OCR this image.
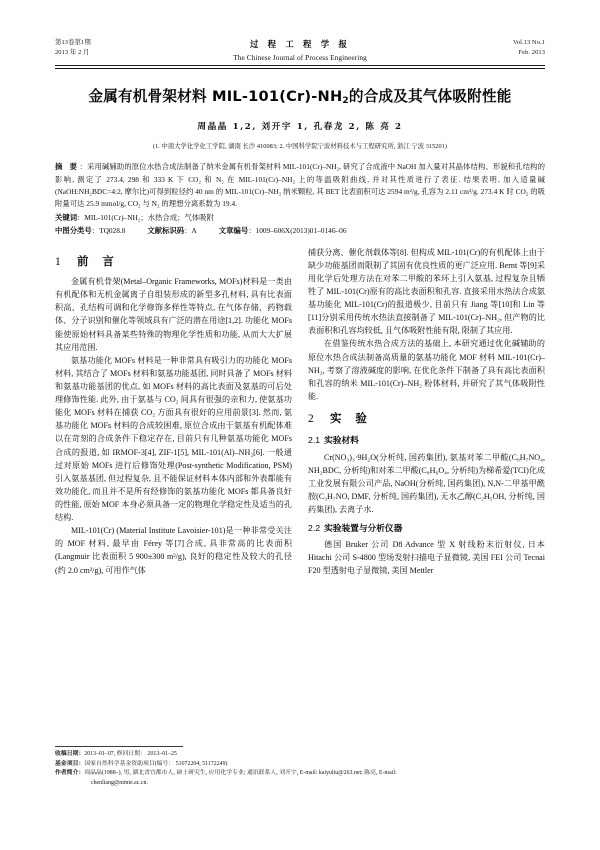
第13卷第1期
2013 年 2 月
过 程 工 程 学 报
The Chinese Journal of Process Engineering
Vol.13 No.1
Feb. 2013
金属有机骨架材料 MIL-$101(Cr)-NH_2$的合成及其气体吸附性能
周晶晶 1,2, 刘开宇 1, 孔春龙 2, 陈 亮 2
(1. 中南大学化学化工学院, 湖南 长沙 410083; 2. 中国科学院宁波材料技术与工程研究所, 浙江 宁波 315201)
摘 要：采用碱辅助的原位水热合成法制备了纳米金属有机骨架材料 MIL-101(Cr)–NH₂, 研究了合成液中 NaOH 加入量对其晶体结构、形貌和孔结构的影响, 测定了 273.4, 298 和 333 K 下 CO₂ 和 N₂ 在 MIL-101(Cr)–NH₂ 上的等温吸附曲线, 并对其性质进行了表征. 结果表明, 加入适量碱(NaOH:NH₂BDC=4:2, 摩尔比)可得到粒径约 40 nm 的 MIL-101(Cr)–NH₂ 纳米颗粒, 其 BET 比表面积可达 2594 m²/g, 孔容为 2.11 cm³/g. 273.4 K 时 CO₂ 的吸附量可达 25.9 mmol/g, CO₂ 与 N₂ 的理想分离系数为 19.4.
关键词：MIL-101(Cr)–NH₂；水热合成；气体吸附
中图分类号：TQ028.8	文献标识码：A	文章编号：1009–606X(2013)01–0146–06
1 前 言

金属有机骨架(Metal–Organic Frameworks, MOFs)材料是一类由有机配体和无机金属离子自组装形成的新型多孔材料, 具有比表面积高、孔结构可调和化学修饰多样性等特点, 在气体存储、药物载体、分子识别和催化等领域具有广泛的潜在用途[1,2]. 功能化 MOFs 能使原始材料具备某些特殊的物理化学性质和功能, 从而大大扩展其应用范围.

氨基功能化 MOFs 材料是一种非常具有吸引力的功能化 MOFs 材料, 其结合了 MOFs 材料和氨基功能基团, 同时具备了 MOFs 材料和氨基功能基团的优点, 如 MOFs 材料的高比表面及氨基的可后处理修饰性能. 此外, 由于氨基与 CO₂ 间具有很强的亲和力, 使氨基功能化 MOFs 材料在捕获 CO₂ 方面具有很好的应用前景[3]. 然而, 氨基功能化 MOFs 材料的合成较困难, 原位合成由于氨基有机配体难以在苛刻的合成条件下稳定存在, 目前只有几种氨基功能化 MOFs 合成的报道, 如 IRMOF-3[4], ZIF-1[5], MIL-101(Al)–NH₂[6]. 一般通过对原始 MOFs 进行后修饰处理(Post-synthetic Modification, PSM)引入氨基基团, 但过程复杂, 且不能保证材料本体内部和外表都能有效功能化, 而且并不是所有经修饰的氨基功能化 MOFs 都具备良好的性能, 原始 MOF 本身必须具备一定的物理化学稳定性及适当的孔结构.

MIL-101(Cr) (Material Institute Lavoisier-101)是一种非常受关注的 MOF 材料, 最早由 Férey 等[7]合成, 具非常高的比表面积(Langmuir 比表面积 5 900±300 m²/g), 良好的稳定性及较大的孔径(约 2.0 cm³/g), 可用作气体

捕获分离、催化剂载体等[8]. 但构成 MIL-101(Cr)的有机配体上由于缺少功能基团而限制了其固有优良性质的更广泛应用. Bernt 等[9]采用化学后处理方法在对苯二甲酸的苯环上引入氨基, 过程复杂且牺牲了 MIL-101(Cr)原有的高比表面积和孔容. 直接采用水热法合成氨基功能化 MIL-101(Cr)的报道极少, 目前只有 Jiang 等[10]和 Lin 等[11]分别采用传统水热法直接制备了 MIL-101(Cr)–NH₂, 但产物的比表面积和孔容均较低, 且气体吸附性能有限, 限制了其应用.

在借鉴传统水热合成方法的基础上, 本研究通过优化碱辅助的原位水热合成法制备高质量的氨基功能化 MOF 材料 MIL-101(Cr)–NH₂, 考察了溶液碱度的影响, 在优化条件下制备了具有高比表面积和孔容的纳米 MIL-101(Cr)–NH₂ 粉体材料, 并研究了其气体吸附性能.

2 实 验
2.1 实验材料

Cr(NO₃)₃·9H₂O(分析纯, 国药集团), 氨基对苯二甲酸(C₈H₇NO₄, NH₂BDC, 分析纯)和对苯二甲酸(C₈H₆O₄, 分析纯)为梯希爱(TCI)化成工业发展有限公司产品, NaOH(分析纯, 国药集团), N,N-二甲基甲酰胺(C₃H₇NO, DMF, 分析纯, 国药集团), 无水乙醇(C₂H₅OH, 分析纯, 国药集团), 去离子水.

2.2 实验装置与分析仪器

德国 Bruker 公司 D8 Advance 型 X 射线粉末衍射仪, 日本 Hitachi 公司 S-4800 型场发射扫描电子显微镜, 美国 FEI 公司 Tecnai F20 型透射电子显微镜, 美国 Mettler

收稿日期：2013–01–07, 修回日期： 2013–01–25
基金项目：国家自然科学基金资助项目(编号： 51072204, 51172249)
作者简介：周晶晶(1988–), 男, 湖北省宜都市人, 硕士研究生, 应用化学专业; 通讯联系人, 刘开宇, E-mail: kaiyuliu@263.net; 陈亮, E-mail:
chenliang@nimte.ac.cn.
